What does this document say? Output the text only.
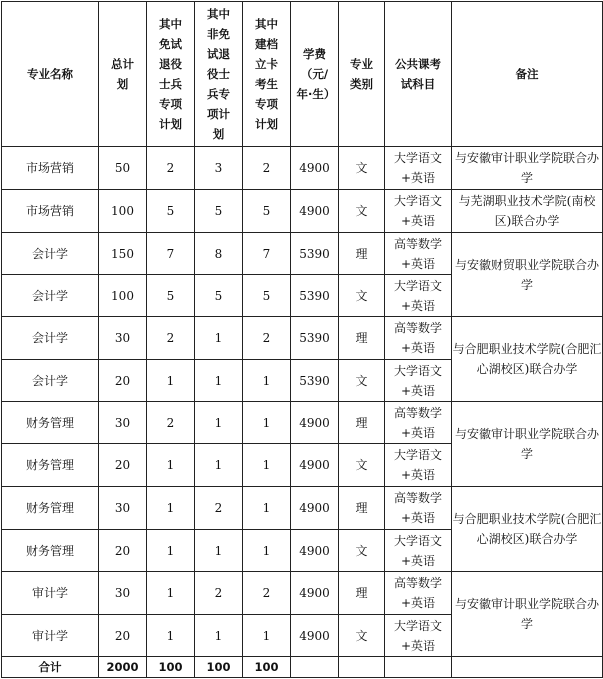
专业名称	总计划	其中免试退役士兵专项计划	其中非免试退役士兵专项计划	其中建档立卡考生专项计划	学费（元/年·生）	专业类别	公共课考试科目	备注
市场营销	50	2	3	2	4900	文	大学语文+英语	与安徽审计职业学院联合办学
市场营销	100	5	5	5	4900	文	大学语文+英语	与芜湖职业技术学院(南校区)联合办学
会计学	150	7	8	7	5390	理	高等数学+英语	与安徽财贸职业学院联合办学
会计学	100	5	5	5	5390	文	大学语文+英语	
会计学	30	2	1	2	5390	理	高等数学+英语	与合肥职业技术学院(合肥汇心湖校区)联合办学
会计学	20	1	1	1	5390	文	大学语文+英语	
财务管理	30	2	1	1	4900	理	高等数学+英语	与安徽审计职业学院联合办学
财务管理	20	1	1	1	4900	文	大学语文+英语	
财务管理	30	1	2	1	4900	理	高等数学+英语	与合肥职业技术学院(合肥汇心湖校区)联合办学
财务管理	20	1	1	1	4900	文	大学语文+英语	
审计学	30	1	2	2	4900	理	高等数学+英语	与安徽审计职业学院联合办学
审计学	20	1	1	1	4900	文	大学语文+英语	
合计	2000	100	100	100				
